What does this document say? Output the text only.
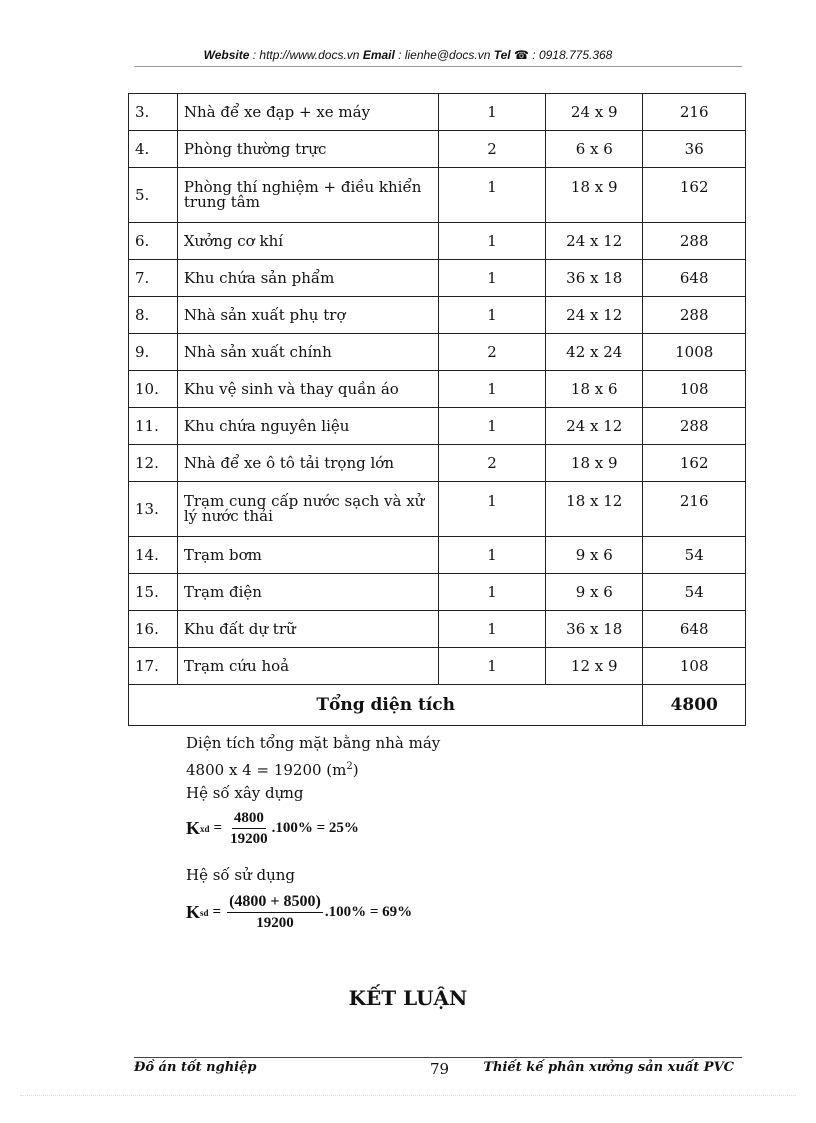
Website : http://www.docs.vn Email : lienhe@docs.vn Tel ☎ : 0918.775.368
3.	Nhà để xe đạp + xe máy	1	24 x 9	216
4.	Phòng thường trực	2	6 x 6	36
5.	Phòng thí nghiệm + điều khiển trung tâm	1	18 x 9	162
6.	Xưởng cơ khí	1	24 x 12	288
7.	Khu chứa sản phẩm	1	36 x 18	648
8.	Nhà sản xuất phụ trợ	1	24 x 12	288
9.	Nhà sản xuất chính	2	42 x 24	1008
10.	Khu vệ sinh và thay quần áo	1	18 x 6	108
11.	Khu chứa nguyên liệu	1	24 x 12	288
12.	Nhà để xe ô tô tải trọng lớn	2	18 x 9	162
13.	Trạm cung cấp nước sạch và xử lý nước thải	1	18 x 12	216
14.	Trạm bơm	1	9 x 6	54
15.	Trạm điện	1	9 x 6	54
16.	Khu đất dự trữ	1	36 x 18	648
17.	Trạm cứu hoả	1	12 x 9	108
Tổng diện tích				4800
Diện tích tổng mặt bằng nhà máy
4800 x 4 = 19200 $(m^2)$
Hệ số xây dựng
K xd = $\frac{4800}{19200} .100\% = 25\%$
Hệ số sử dụng
K sd = $\frac{(4800 + 8500)}{19200} .100\% = 69\%$
KẾT LUẬN
Đồ án tốt nghiệp	79	Thiết kế phân xưởng sản xuất PVC
